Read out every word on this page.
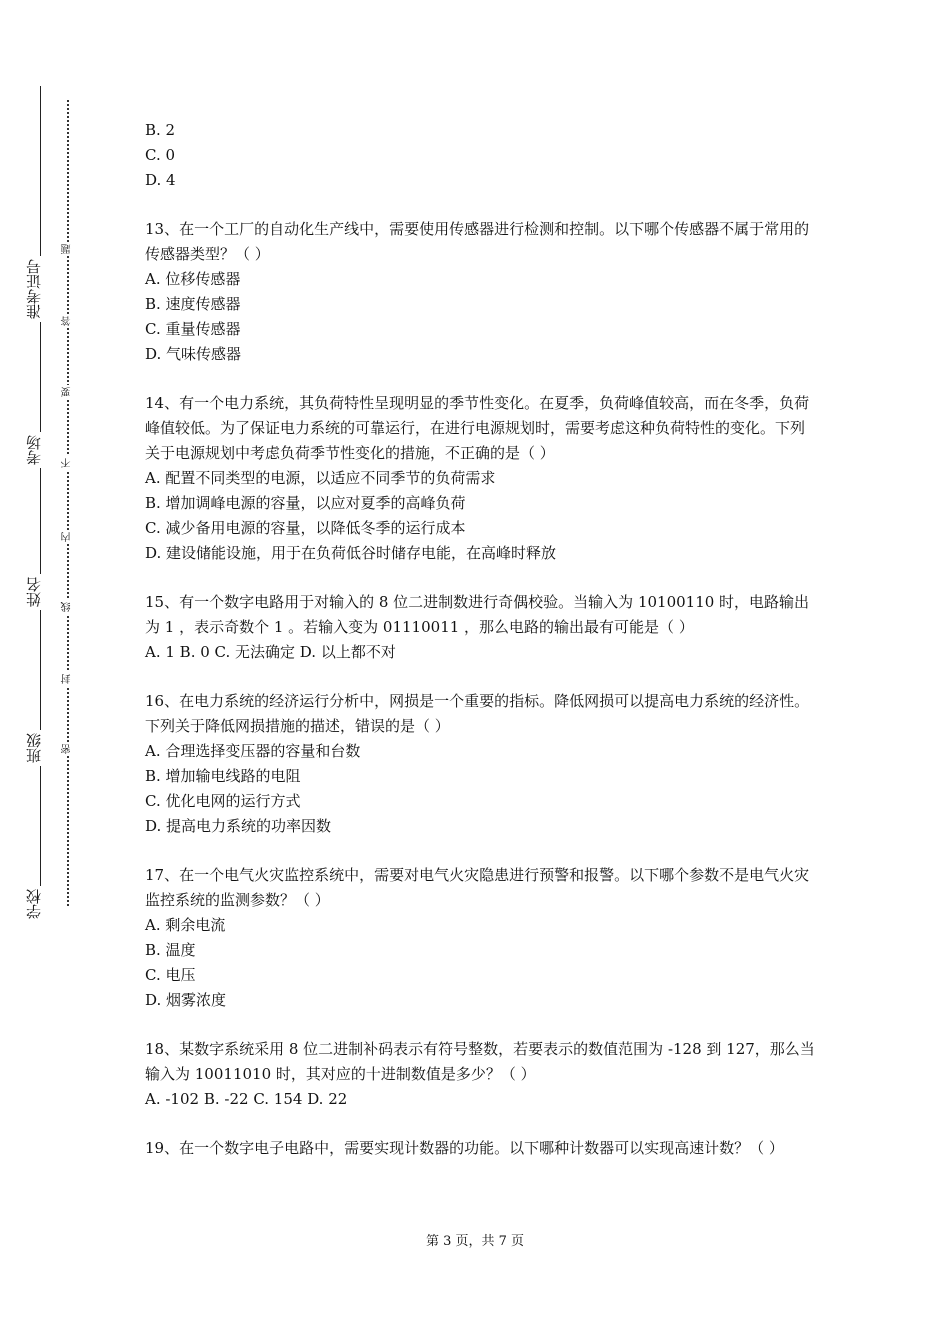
学校
班级
姓名
考场
准考证号
密
封
线
内
不
要
答
题

B. 2

C. 0

D. 4

13、在一个工厂的自动化生产线中，需要使用传感器进行检测和控制。以下哪个传感器不属于常用的传感器类型？（ ）

A. 位移传感器

B. 速度传感器

C. 重量传感器

D. 气味传感器

14、有一个电力系统，其负荷特性呈现明显的季节性变化。在夏季，负荷峰值较高，而在冬季，负荷峰值较低。为了保证电力系统的可靠运行，在进行电源规划时，需要考虑这种负荷特性的变化。下列关于电源规划中考虑负荷季节性变化的措施，不正确的是（ ）

A. 配置不同类型的电源，以适应不同季节的负荷需求

B. 增加调峰电源的容量，以应对夏季的高峰负荷

C. 减少备用电源的容量，以降低冬季的运行成本

D. 建设储能设施，用于在负荷低谷时储存电能，在高峰时释放

15、有一个数字电路用于对输入的 8 位二进制数进行奇偶校验。当输入为 10100110 时，电路输出为 1 ，表示奇数个 1 。若输入变为 01110011 ，那么电路的输出最有可能是（ ）

A. 1 B. 0 C. 无法确定 D. 以上都不对

16、在电力系统的经济运行分析中，网损是一个重要的指标。降低网损可以提高电力系统的经济性。下列关于降低网损措施的描述，错误的是（ ）

A. 合理选择变压器的容量和台数

B. 增加输电线路的电阻

C. 优化电网的运行方式

D. 提高电力系统的功率因数

17、在一个电气火灾监控系统中，需要对电气火灾隐患进行预警和报警。以下哪个参数不是电气火灾监控系统的监测参数？（ ）

A. 剩余电流

B. 温度

C. 电压

D. 烟雾浓度

18、某数字系统采用 8 位二进制补码表示有符号整数，若要表示的数值范围为 -128 到 127，那么当输入为 10011010 时，其对应的十进制数值是多少？（ ）

A. -102 B. -22 C. 154 D. 22

19、在一个数字电子电路中，需要实现计数器的功能。以下哪种计数器可以实现高速计数？（ ）

第 3 页，共 7 页
